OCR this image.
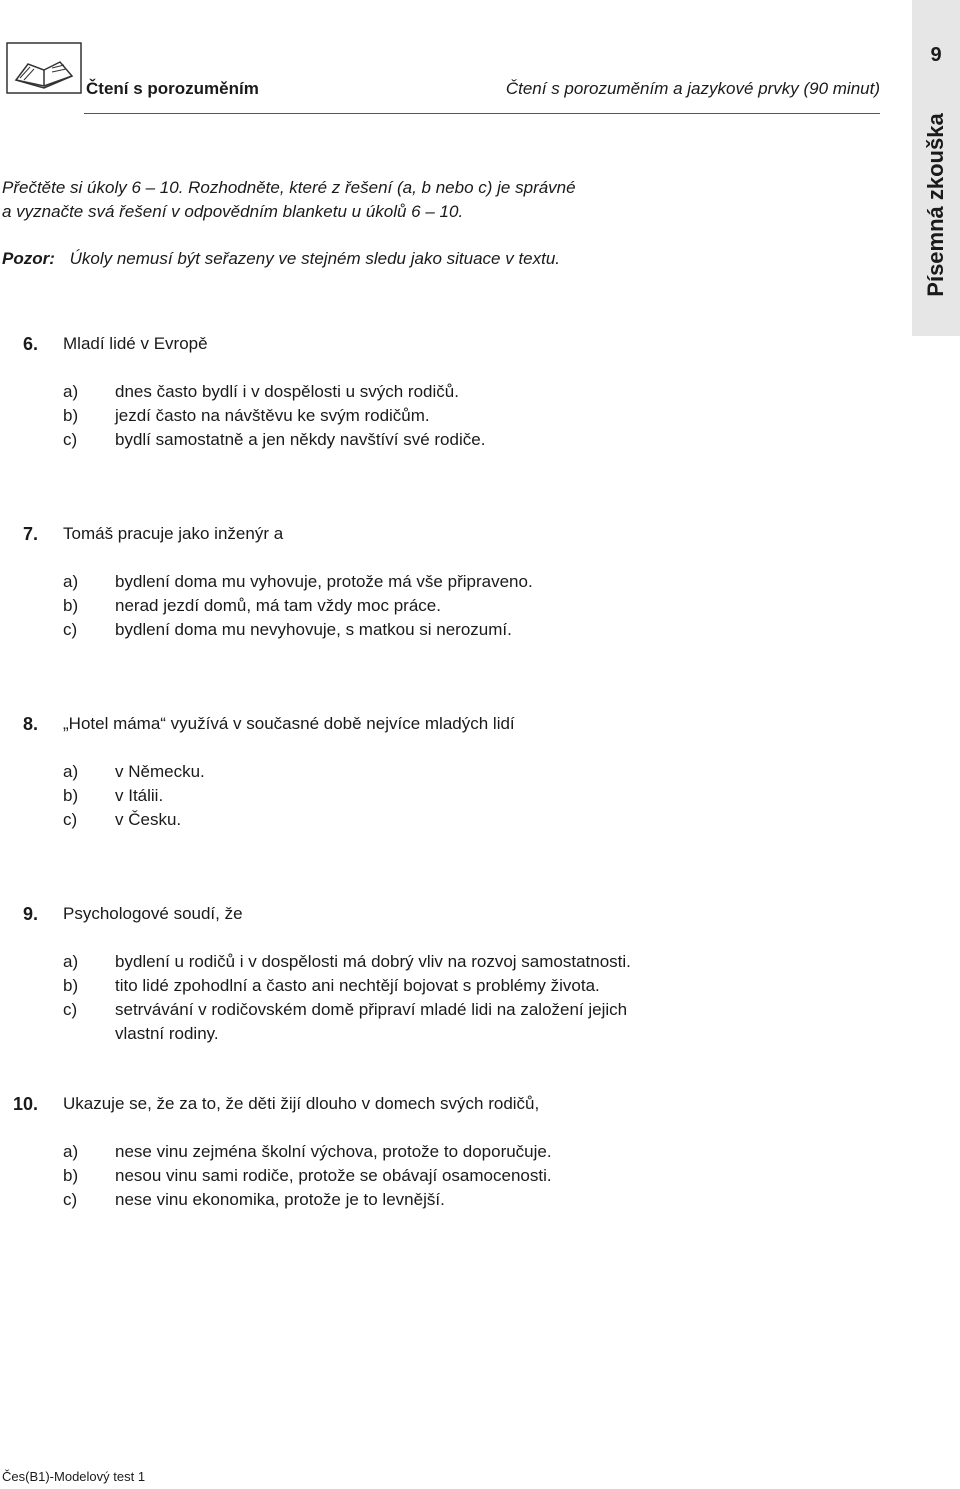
Čtení s porozuměním	Čtení s porozuměním a jazykové prvky (90 minut)
9
Písemná zkouška

Přečtěte si úkoly 6 – 10. Rozhodněte, které z řešení (a, b nebo c) je správné

a vyznačte svá řešení v odpovědním blanketu u úkolů 6 – 10.

Pozor: Úkoly nemusí být seřazeny ve stejném sledu jako situace v textu.
6. Mladí lidé v Evropě
a) dnes často bydlí i v dospělosti u svých rodičů.
b) jezdí často na návštěvu ke svým rodičům.
c) bydlí samostatně a jen někdy navštíví své rodiče.
7. Tomáš pracuje jako inženýr a
a) bydlení doma mu vyhovuje, protože má vše připraveno.
b) nerad jezdí domů, má tam vždy moc práce.
c) bydlení doma mu nevyhovuje, s matkou si nerozumí.
8. „Hotel máma“ využívá v současné době nejvíce mladých lidí
a) v Německu.
b) v Itálii.
c) v Česku.
9. Psychologové soudí, že
a) bydlení u rodičů i v dospělosti má dobrý vliv na rozvoj samostatnosti.
b) tito lidé zpohodlní a často ani nechtějí bojovat s problémy života.
c) setrvávání v rodičovském domě připraví mladé lidi na založení jejich vlastní rodiny.
10. Ukazuje se, že za to, že děti žijí dlouho v domech svých rodičů,
a) nese vinu zejména školní výchova, protože to doporučuje.
b) nesou vinu sami rodiče, protože se obávají osamocenosti.
c) nese vinu ekonomika, protože je to levnější.
Čes(B1)-Modelový test 1
